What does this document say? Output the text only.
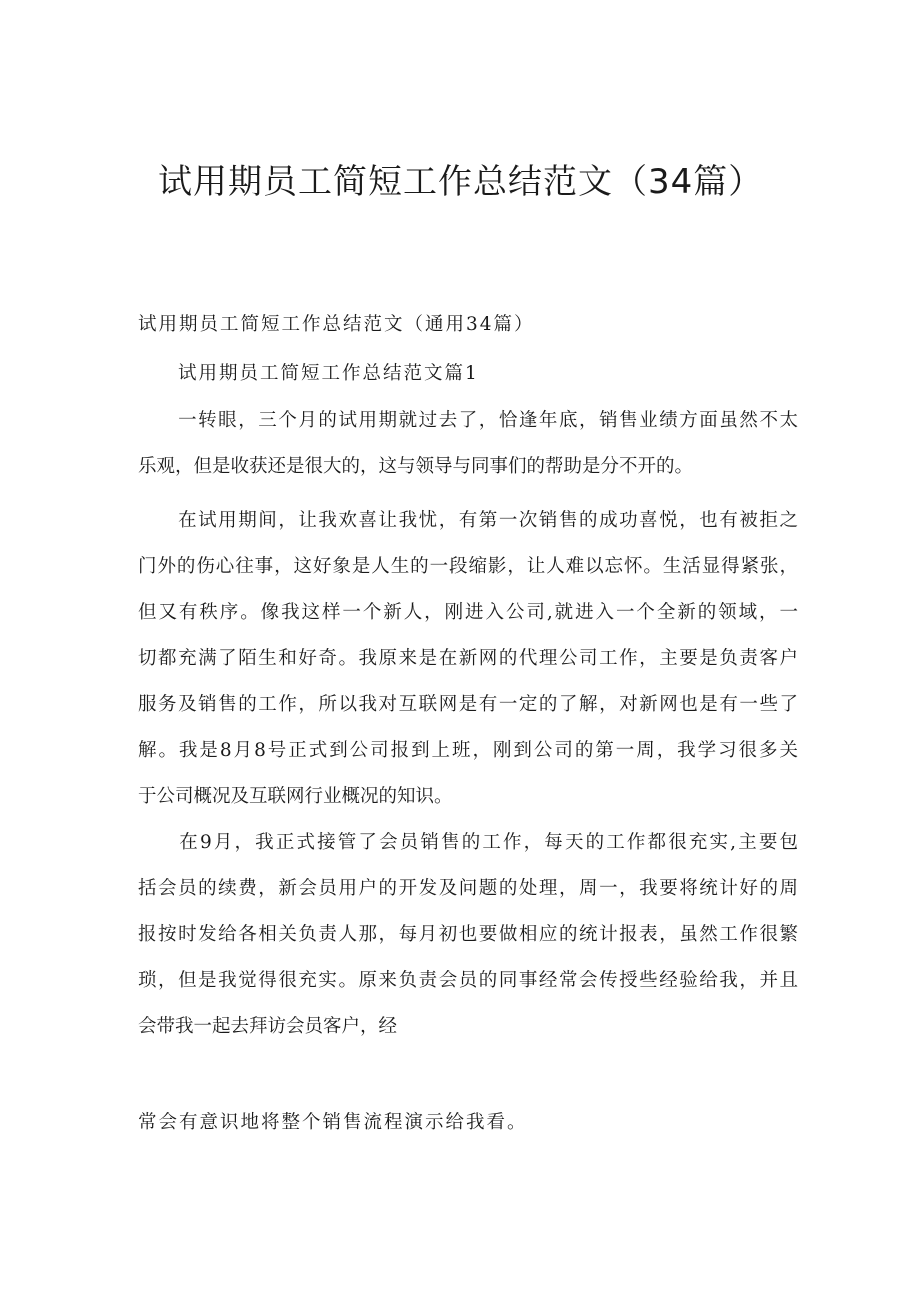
试用期员工简短工作总结范文（34篇）

试用期员工简短工作总结范文（通用34篇）

试用期员工简短工作总结范文篇1

　　一转眼，三个月的试用期就过去了，恰逢年底，销售业绩方面虽然不太
乐观，但是收获还是很大的，这与领导与同事们的帮助是分不开的。
　　在试用期间，让我欢喜让我忧，有第一次销售的成功喜悦，也有被拒之
门外的伤心往事，这好象是人生的一段缩影，让人难以忘怀。生活显得紧张，
但又有秩序。像我这样一个新人，刚进入公司,就进入一个全新的领域，一
切都充满了陌生和好奇。我原来是在新网的代理公司工作，主要是负责客户
服务及销售的工作，所以我对互联网是有一定的了解，对新网也是有一些了
解。我是8月8号正式到公司报到上班，刚到公司的第一周，我学习很多关
于公司概况及互联网行业概况的知识。
　　在9月，我正式接管了会员销售的工作，每天的工作都很充实,主要包
括会员的续费，新会员用户的开发及问题的处理，周一，我要将统计好的周
报按时发给各相关负责人那，每月初也要做相应的统计报表，虽然工作很繁
琐，但是我觉得很充实。原来负责会员的同事经常会传授些经验给我，并且
会带我一起去拜访会员客户，经

常会有意识地将整个销售流程演示给我看。
